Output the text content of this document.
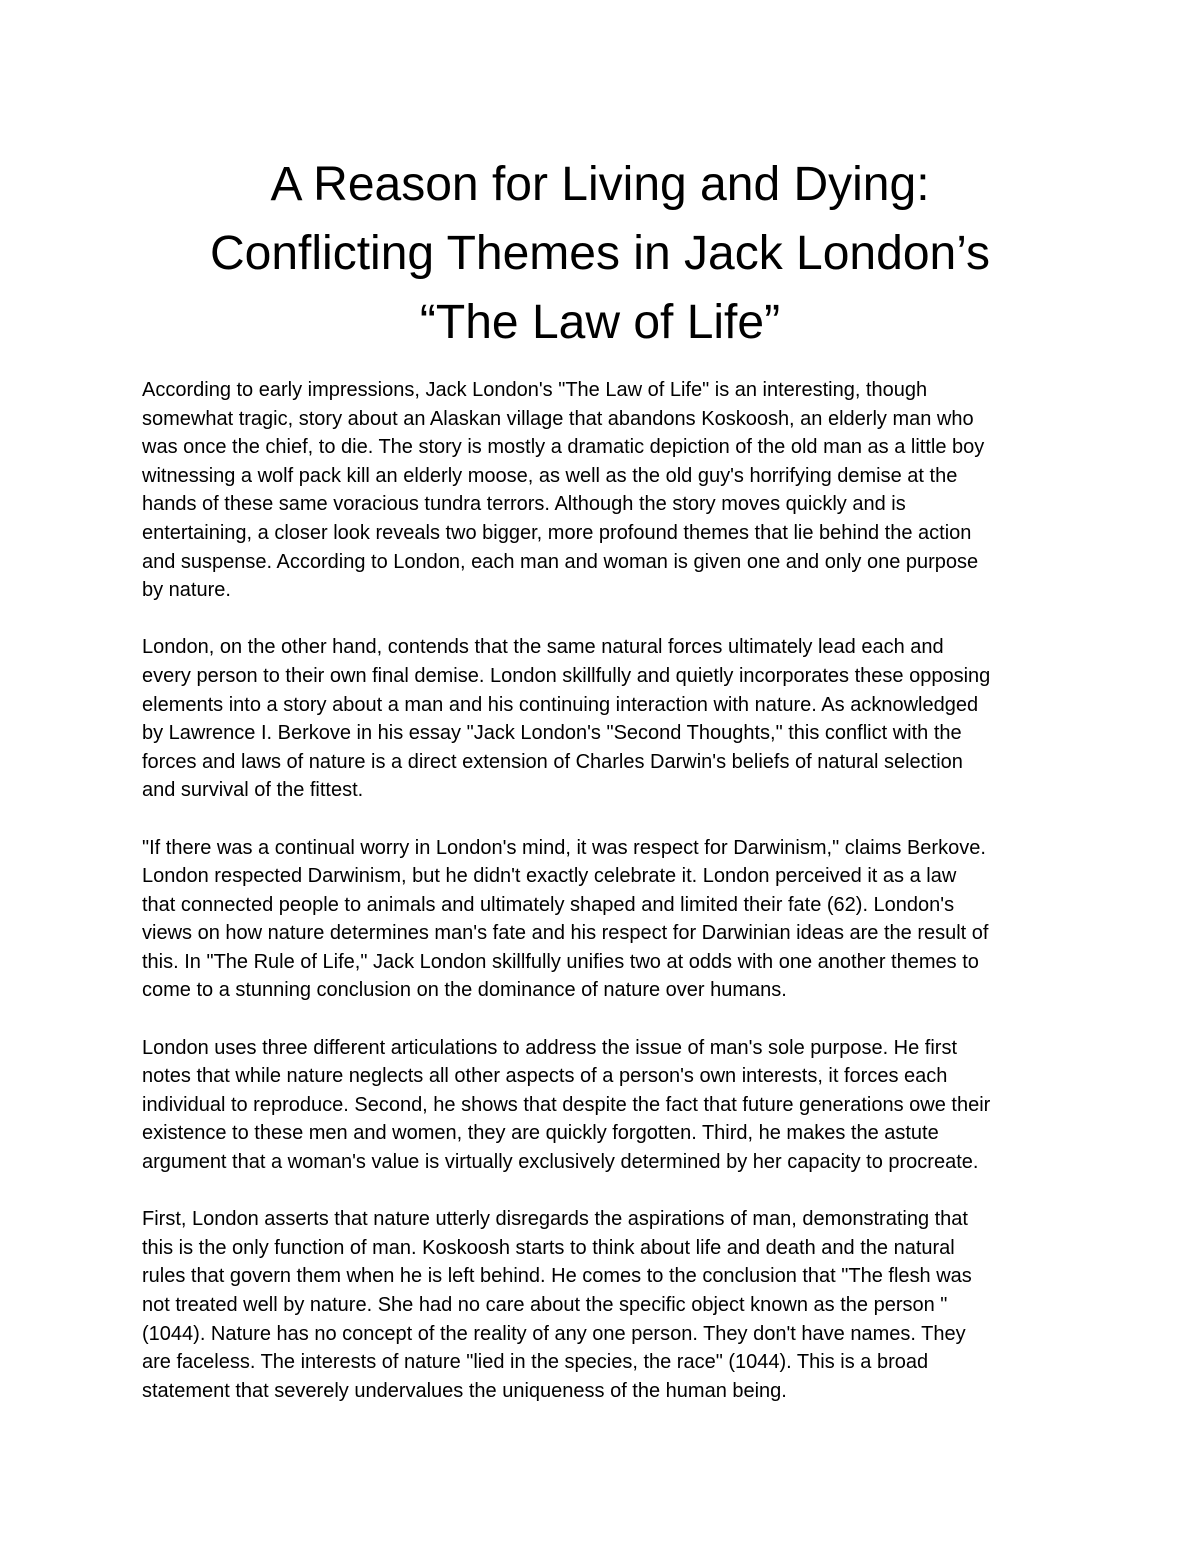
A Reason for Living and Dying:
Conflicting Themes in Jack London’s
“The Law of Life”
According to early impressions, Jack London's "The Law of Life" is an interesting, though
somewhat tragic, story about an Alaskan village that abandons Koskoosh, an elderly man who
was once the chief, to die. The story is mostly a dramatic depiction of the old man as a little boy
witnessing a wolf pack kill an elderly moose, as well as the old guy's horrifying demise at the
hands of these same voracious tundra terrors. Although the story moves quickly and is
entertaining, a closer look reveals two bigger, more profound themes that lie behind the action
and suspense. According to London, each man and woman is given one and only one purpose
by nature.
London, on the other hand, contends that the same natural forces ultimately lead each and
every person to their own final demise. London skillfully and quietly incorporates these opposing
elements into a story about a man and his continuing interaction with nature. As acknowledged
by Lawrence I. Berkove in his essay "Jack London's "Second Thoughts," this conflict with the
forces and laws of nature is a direct extension of Charles Darwin's beliefs of natural selection
and survival of the fittest.
"If there was a continual worry in London's mind, it was respect for Darwinism," claims Berkove.
London respected Darwinism, but he didn't exactly celebrate it. London perceived it as a law
that connected people to animals and ultimately shaped and limited their fate (62). London's
views on how nature determines man's fate and his respect for Darwinian ideas are the result of
this. In "The Rule of Life," Jack London skillfully unifies two at odds with one another themes to
come to a stunning conclusion on the dominance of nature over humans.
London uses three different articulations to address the issue of man's sole purpose. He first
notes that while nature neglects all other aspects of a person's own interests, it forces each
individual to reproduce. Second, he shows that despite the fact that future generations owe their
existence to these men and women, they are quickly forgotten. Third, he makes the astute
argument that a woman's value is virtually exclusively determined by her capacity to procreate.
First, London asserts that nature utterly disregards the aspirations of man, demonstrating that
this is the only function of man. Koskoosh starts to think about life and death and the natural
rules that govern them when he is left behind. He comes to the conclusion that "The flesh was
not treated well by nature. She had no care about the specific object known as the person "
(1044). Nature has no concept of the reality of any one person. They don't have names. They
are faceless. The interests of nature "lied in the species, the race" (1044). This is a broad
statement that severely undervalues the uniqueness of the human being.
